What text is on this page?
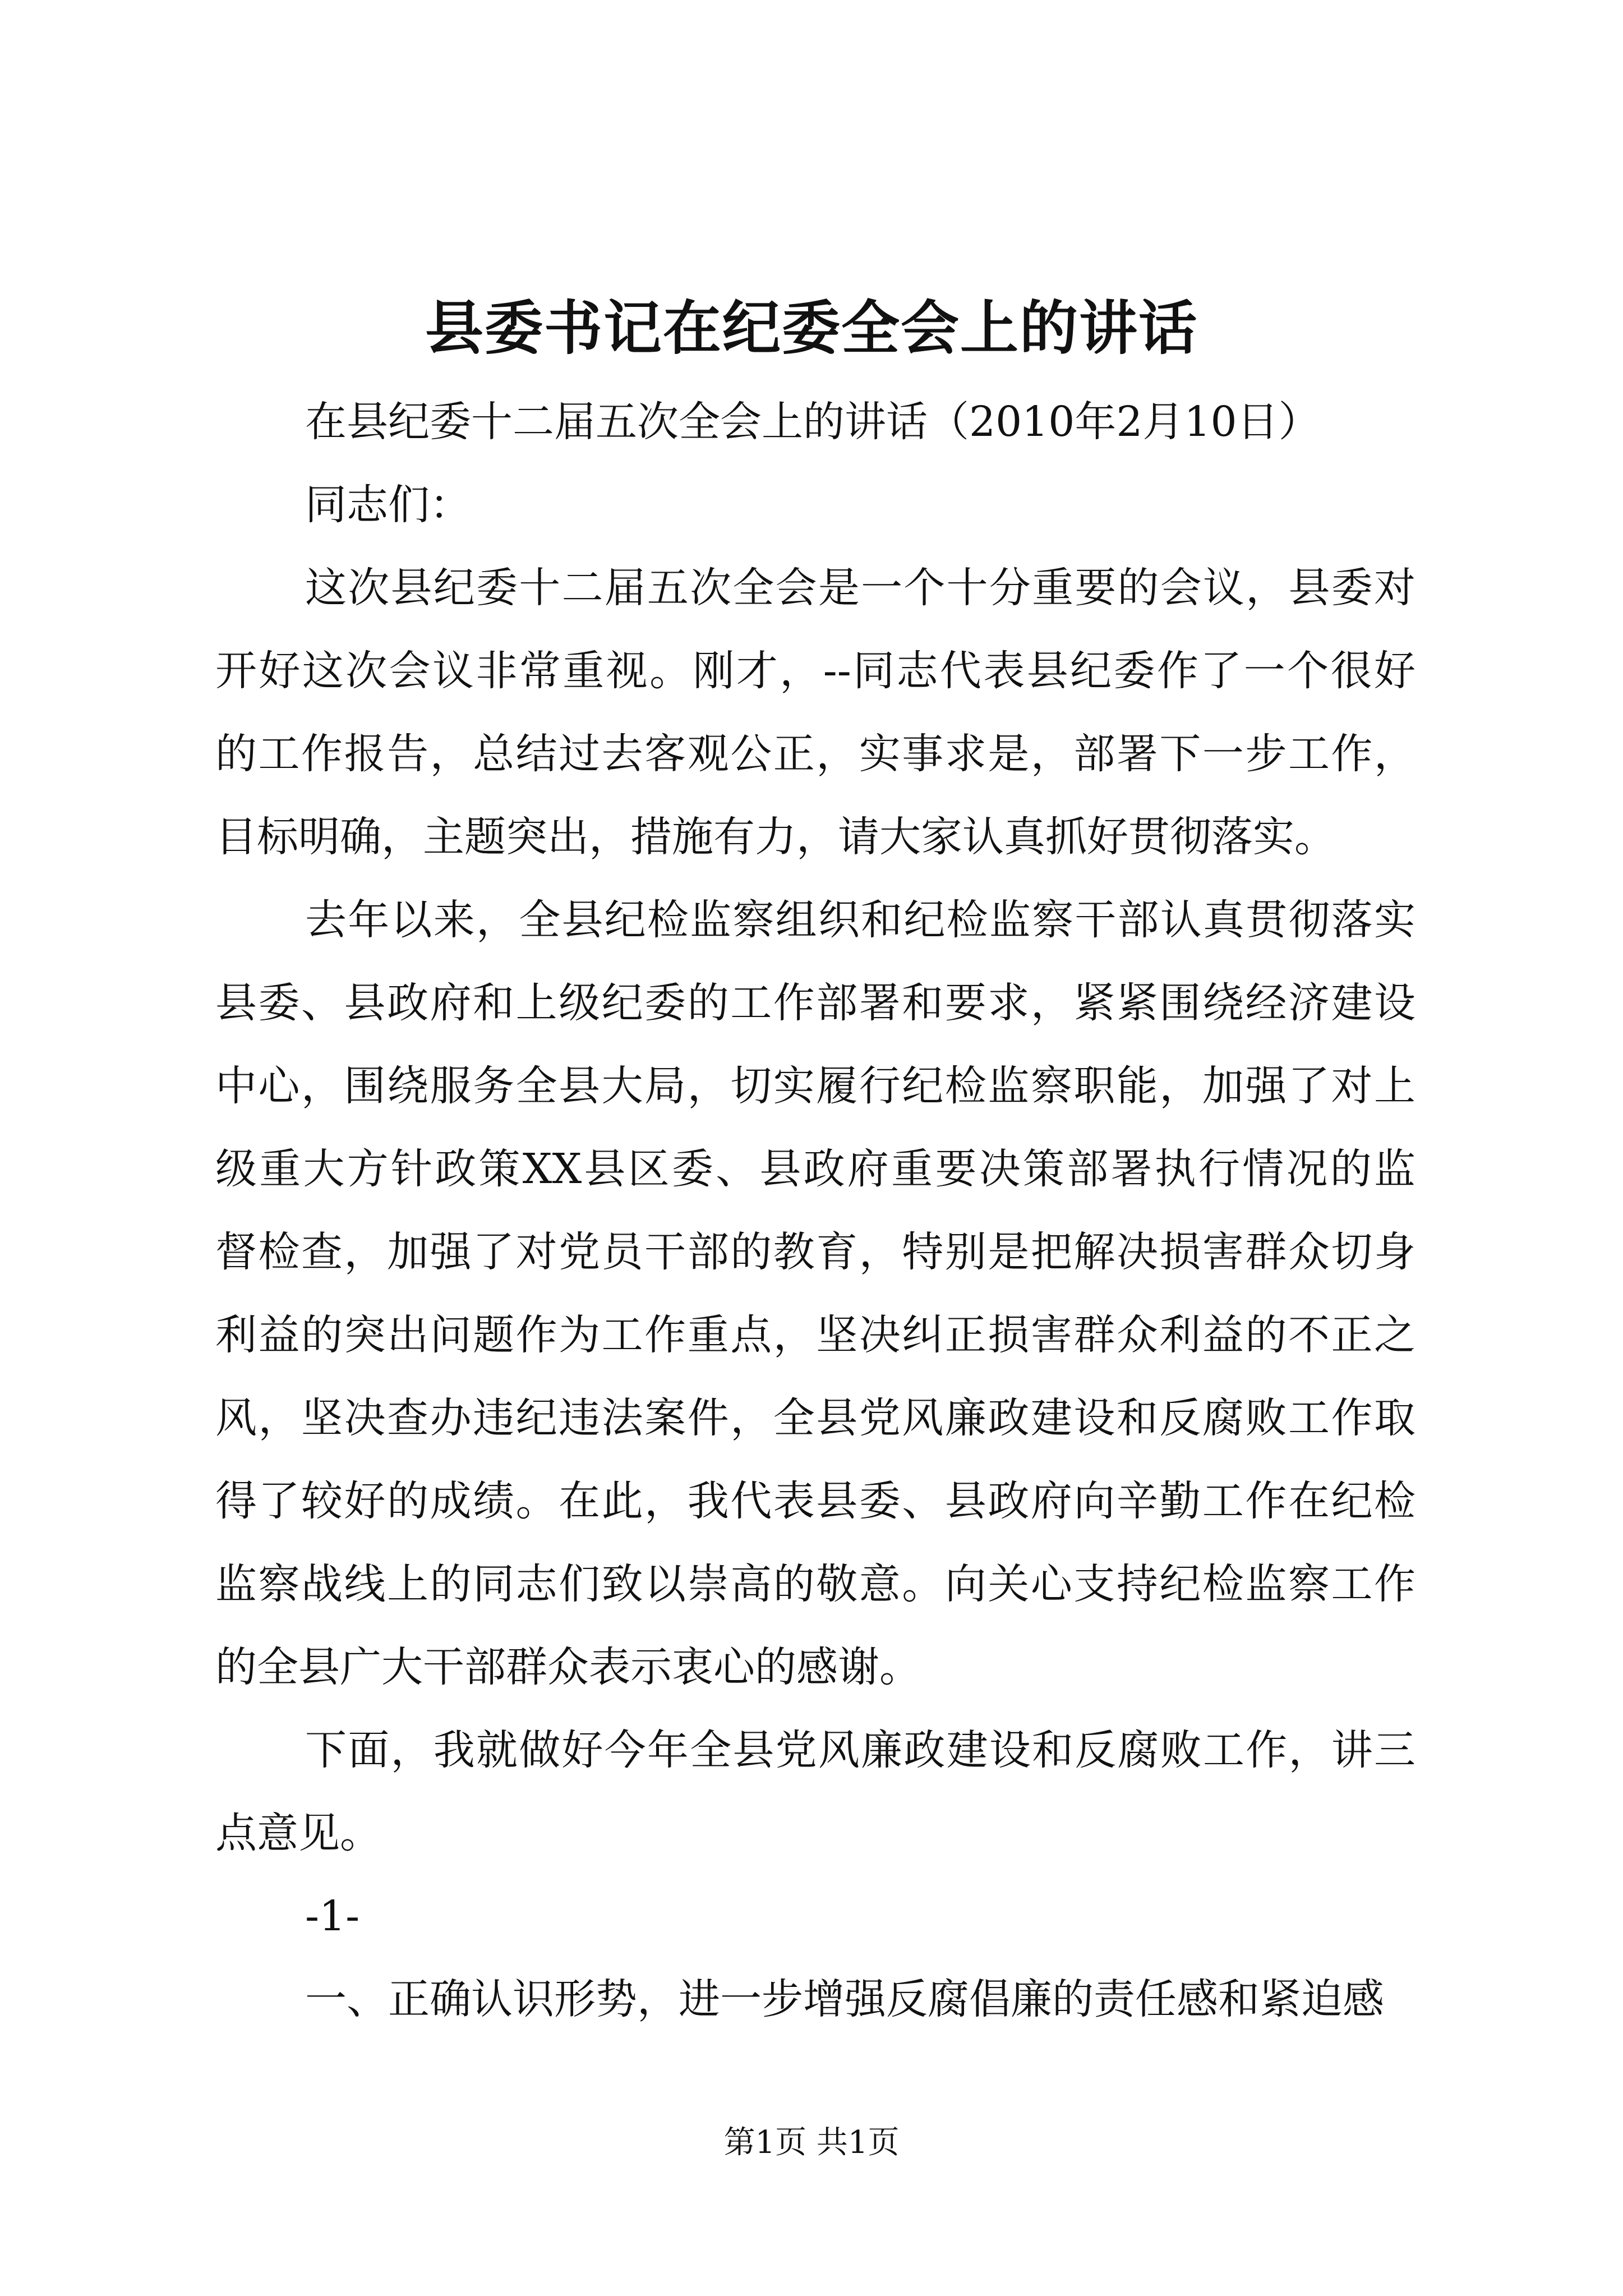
县委书记在纪委全会上的讲话
在县纪委十二届五次全会上的讲话（2010年2月10日）
同志们：
这次县纪委十二届五次全会是一个十分重要的会议，县委对
开好这次会议非常重视。刚才，--同志代表县纪委作了一个很好
的工作报告，总结过去客观公正，实事求是，部署下一步工作，
目标明确，主题突出，措施有力，请大家认真抓好贯彻落实。
去年以来，全县纪检监察组织和纪检监察干部认真贯彻落实
县委、县政府和上级纪委的工作部署和要求，紧紧围绕经济建设
中心，围绕服务全县大局，切实履行纪检监察职能，加强了对上
级重大方针政策XX县区委、县政府重要决策部署执行情况的监
督检查，加强了对党员干部的教育，特别是把解决损害群众切身
利益的突出问题作为工作重点，坚决纠正损害群众利益的不正之
风，坚决查办违纪违法案件，全县党风廉政建设和反腐败工作取
得了较好的成绩。在此，我代表县委、县政府向辛勤工作在纪检
监察战线上的同志们致以崇高的敬意。向关心支持纪检监察工作
的全县广大干部群众表示衷心的感谢。
下面，我就做好今年全县党风廉政建设和反腐败工作，讲三
点意见。
-1-
一、正确认识形势，进一步增强反腐倡廉的责任感和紧迫感
第1页 共1页
